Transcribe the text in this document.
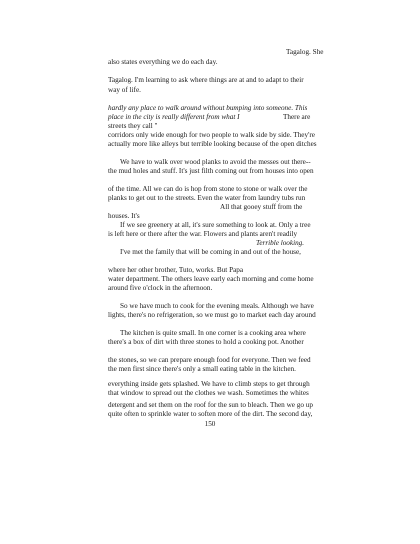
Tagalog. She
also states everything we do each day.
Tagalog. I'm learning to ask where things are at and to adapt to their
way of life.
hardly any place to walk around without bumping into someone. This
place in the city is really different from what I	There are
streets they call "
corridors only wide enough for two people to walk side by side. They're
actually more like alleys but terrible looking because of the open ditches
We have to walk over wood planks to avoid the messes out there--
the mud holes and stuff. It's just filth coming out from houses into open
of the time. All we can do is hop from stone to stone or walk over the
planks to get out to the streets. Even the water from laundry tubs run
All that gooey stuff from the
houses. It's
If we see greenery at all, it's sure something to look at. Only a tree
is left here or there after the war. Flowers and plants aren't readily
Terrible looking.
I've met the family that will be coming in and out of the house,
where her other brother, Tuto, works. But Papa
water department. The others leave early each morning and come home
around five o'clock in the afternoon.
So we have much to cook for the evening meals. Although we have
lights, there's no refrigeration, so we must go to market each day around
The kitchen is quite small. In one corner is a cooking area where
there's a box of dirt with three stones to hold a cooking pot. Another
the stones, so we can prepare enough food for everyone. Then we feed
the men first since there's only a small eating table in the kitchen.
everything inside gets splashed. We have to climb steps to get through
that window to spread out the clothes we wash. Sometimes the whites
detergent and set them on the roof for the sun to bleach. Then we go up
150
quite often to sprinkle water to soften more of the dirt. The second day,
